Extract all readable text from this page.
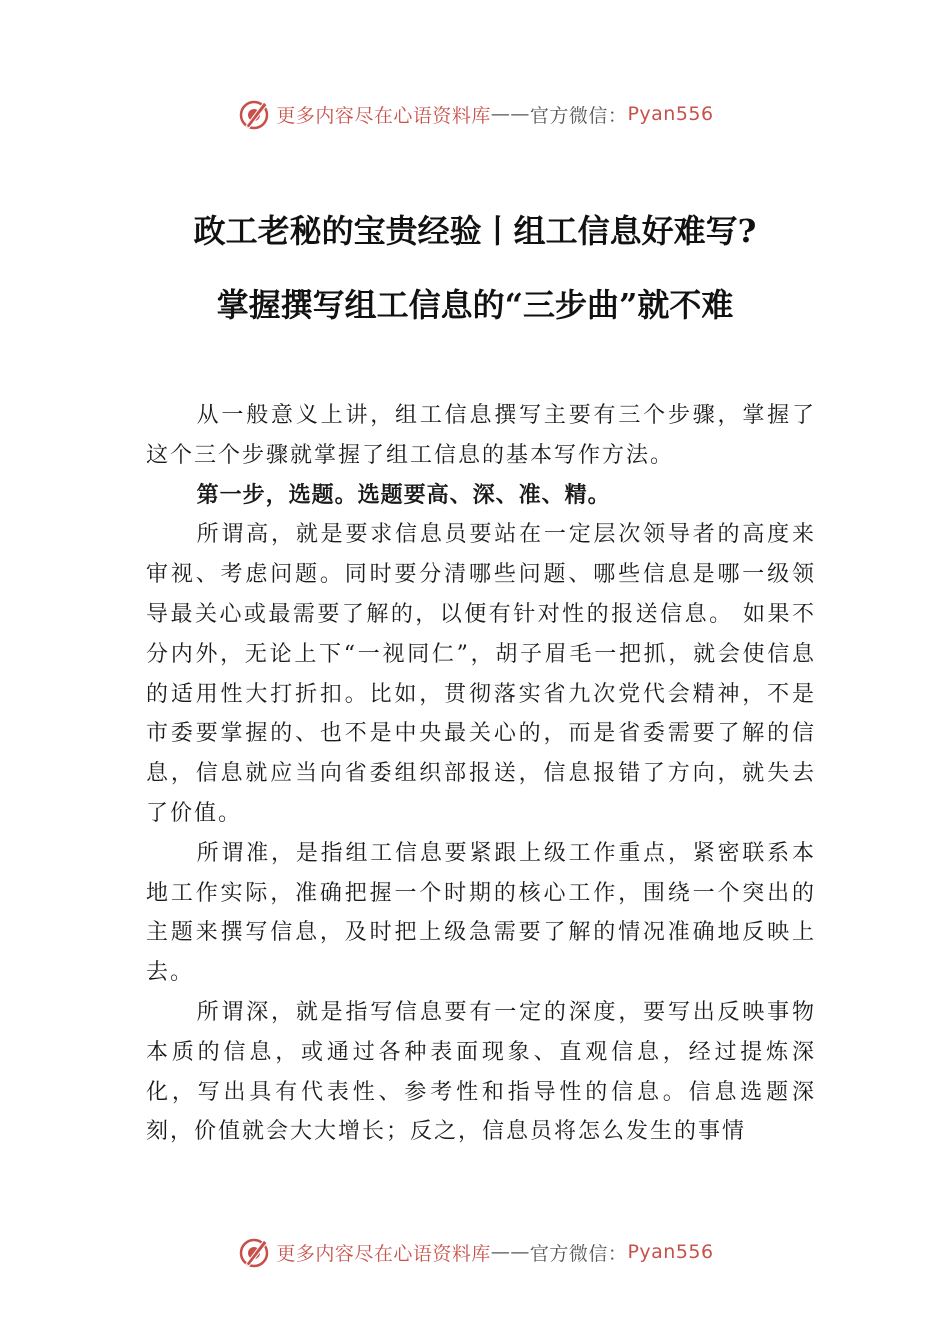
更多内容尽在心语资料库 —— 官方微信： Pyan556
政工老秘的宝贵经验丨组工信息好难写?
掌握撰写组工信息的“三步曲”就不难

从一般意义上讲，组工信息撰写主要有三个步骤，掌握了这个三个步骤就掌握了组工信息的基本写作方法。

第一步，选题。选题要高、深、准、精。

所谓高，就是要求信息员要站在一定层次领导者的高度来审视、考虑问题。同时要分清哪些问题、哪些信息是哪一级领导最关心或最需要了解的，以便有针对性的报送信息。 如果不分内外，无论上下“一视同仁”，胡子眉毛一把抓，就会使信息的适用性大打折扣。比如，贯彻落实省九次党代会精神，不是市委要掌握的、也不是中央最关心的，而是省委需要了解的信息，信息就应当向省委组织部报送，信息报错了方向，就失去了价值。

所谓准，是指组工信息要紧跟上级工作重点，紧密联系本地工作实际，准确把握一个时期的核心工作，围绕一个突出的主题来撰写信息，及时把上级急需要了解的情况准确地反映上去。

所谓深，就是指写信息要有一定的深度，要写出反映事物本质的信息，或通过各种表面现象、直观信息，经过提炼深化，写出具有代表性、参考性和指导性的信息。信息选题深刻，价值就会大大增长；反之，信息员将怎么发生的事情

更多内容尽在心语资料库 —— 官方微信： Pyan556
